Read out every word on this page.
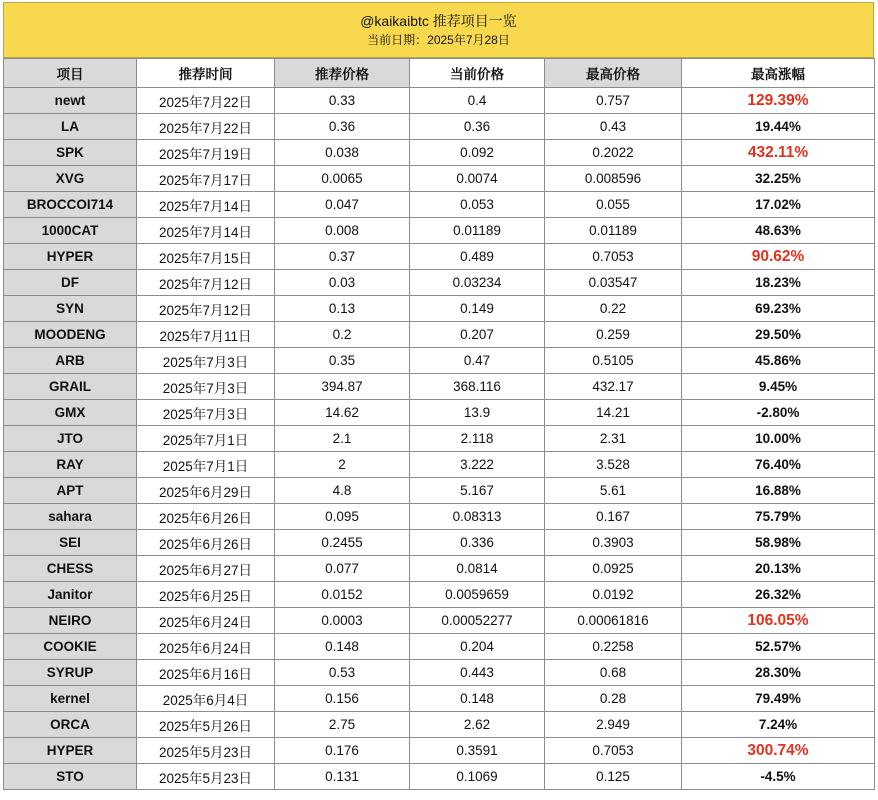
@kaikaibtc 推荐项目一览
当前日期：2025年7月28日
项目	推荐时间	推荐价格	当前价格	最高价格	最高涨幅
newt	2025年7月22日	0.33	0.4	0.757	129.39%
LA	2025年7月22日	0.36	0.36	0.43	19.44%
SPK	2025年7月19日	0.038	0.092	0.2022	432.11%
XVG	2025年7月17日	0.0065	0.0074	0.008596	32.25%
BROCCOI714	2025年7月14日	0.047	0.053	0.055	17.02%
1000CAT	2025年7月14日	0.008	0.01189	0.01189	48.63%
HYPER	2025年7月15日	0.37	0.489	0.7053	90.62%
DF	2025年7月12日	0.03	0.03234	0.03547	18.23%
SYN	2025年7月12日	0.13	0.149	0.22	69.23%
MOODENG	2025年7月11日	0.2	0.207	0.259	29.50%
ARB	2025年7月3日	0.35	0.47	0.5105	45.86%
GRAIL	2025年7月3日	394.87	368.116	432.17	9.45%
GMX	2025年7月3日	14.62	13.9	14.21	-2.80%
JTO	2025年7月1日	2.1	2.118	2.31	10.00%
RAY	2025年7月1日	2	3.222	3.528	76.40%
APT	2025年6月29日	4.8	5.167	5.61	16.88%
sahara	2025年6月26日	0.095	0.08313	0.167	75.79%
SEI	2025年6月26日	0.2455	0.336	0.3903	58.98%
CHESS	2025年6月27日	0.077	0.0814	0.0925	20.13%
Janitor	2025年6月25日	0.0152	0.0059659	0.0192	26.32%
NEIRO	2025年6月24日	0.0003	0.00052277	0.00061816	106.05%
COOKIE	2025年6月24日	0.148	0.204	0.2258	52.57%
SYRUP	2025年6月16日	0.53	0.443	0.68	28.30%
kernel	2025年6月4日	0.156	0.148	0.28	79.49%
ORCA	2025年5月26日	2.75	2.62	2.949	7.24%
HYPER	2025年5月23日	0.176	0.3591	0.7053	300.74%
STO	2025年5月23日	0.131	0.1069	0.125	-4.5%
